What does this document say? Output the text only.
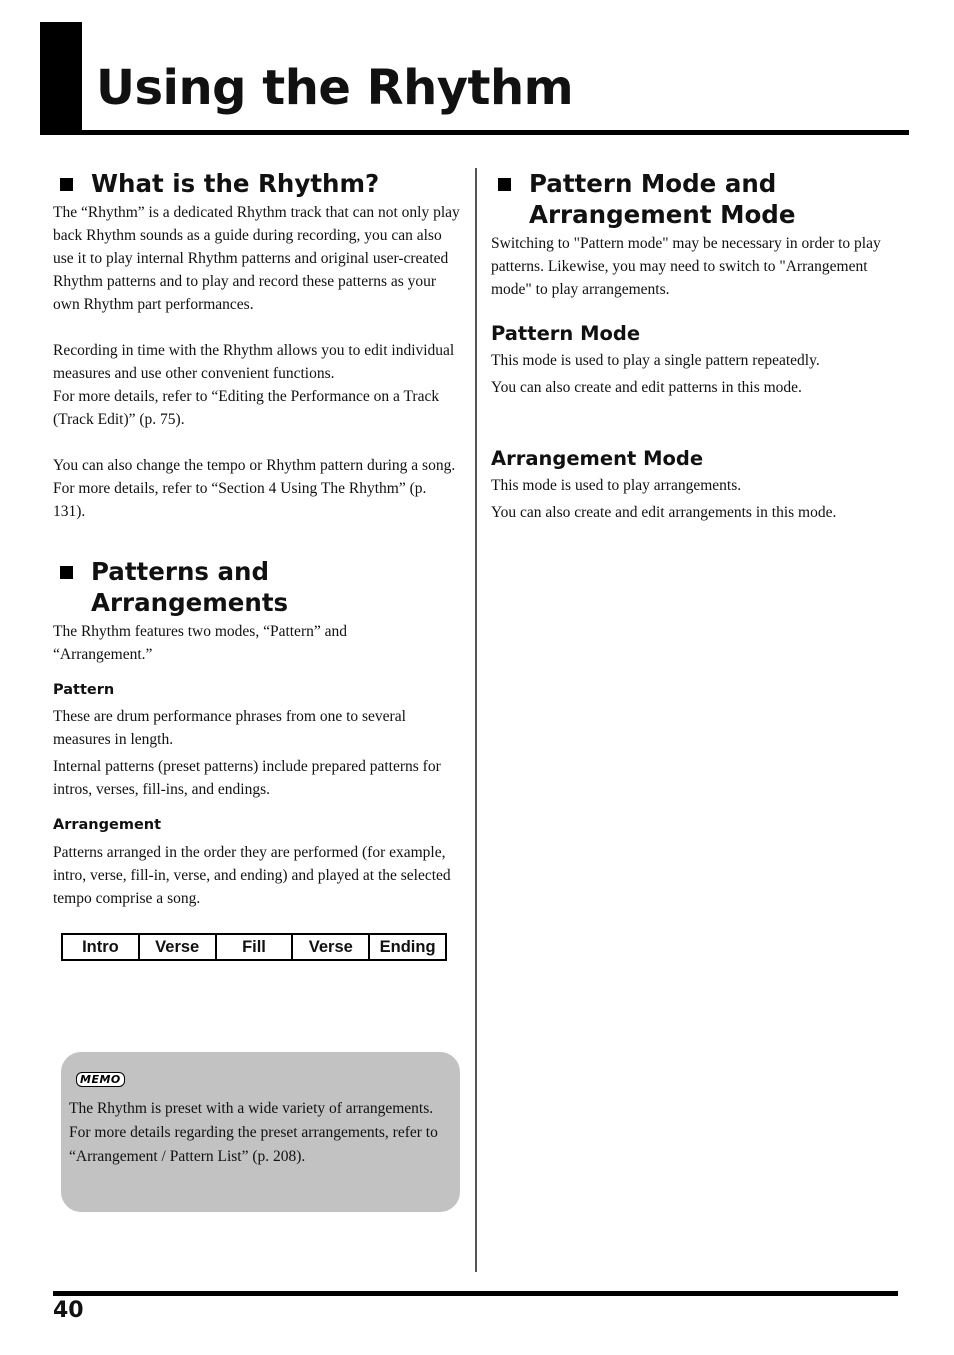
Using the Rhythm
What is the Rhythm?

The “Rhythm” is a dedicated Rhythm track that can not only play back Rhythm sounds as a guide during recording, you can also use it to play internal Rhythm patterns and original user-created Rhythm patterns and to play and record these patterns as your own Rhythm part performances.

Recording in time with the Rhythm allows you to edit individual measures and use other convenient functions.

For more details, refer to “Editing the Performance on a Track (Track Edit)” (p. 75).

You can also change the tempo or Rhythm pattern during a song.

For more details, refer to “Section 4 Using The Rhythm” (p. 131).

Patterns and Arrangements

The Rhythm features two modes, “Pattern” and “Arrangement.”

Pattern

These are drum performance phrases from one to several measures in length.

Internal patterns (preset patterns) include prepared patterns for intros, verses, fill-ins, and endings.

Arrangement

Patterns arranged in the order they are performed (for example, intro, verse, fill-in, verse, and ending) and played at the selected tempo comprise a song.

Intro	Verse	Fill	Verse	Ending
MEMO

The Rhythm is preset with a wide variety of arrangements. For more details regarding the preset arrangements, refer to “Arrangement / Pattern List” (p. 208).

Pattern Mode and
Arrangement Mode

Switching to "Pattern mode" may be necessary in order to play patterns. Likewise, you may need to switch to "Arrangement mode" to play arrangements.

Pattern Mode

This mode is used to play a single pattern repeatedly.

You can also create and edit patterns in this mode.

Arrangement Mode

This mode is used to play arrangements.

You can also create and edit arrangements in this mode.

40
